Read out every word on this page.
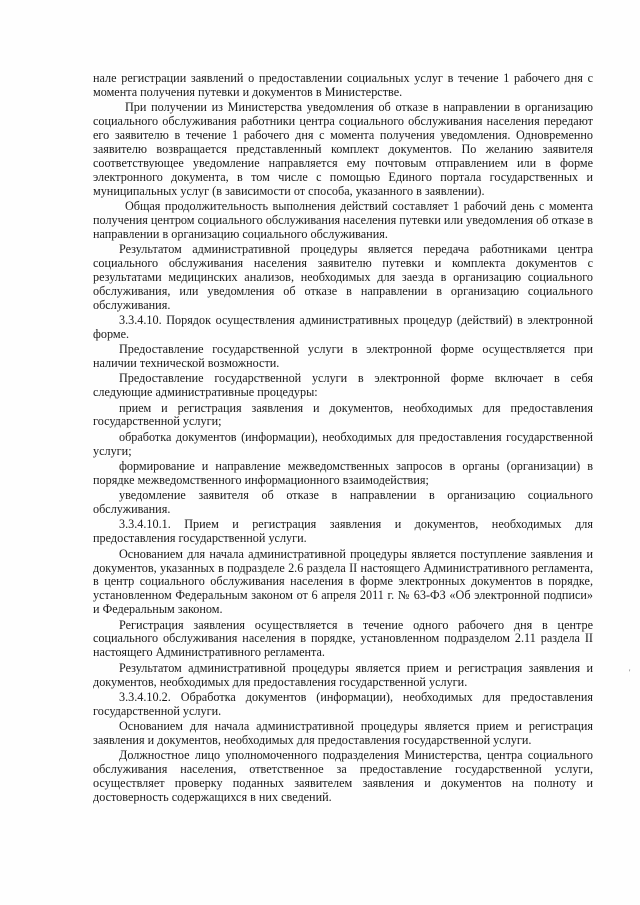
нале регистрации заявлений о предоставлении социальных услуг в течение 1 рабочего дня с момента получения путевки и документов в Министерстве.

При получении из Министерства уведомления об отказе в направлении в организацию социального обслуживания работники центра социального обслуживания населения передают его заявителю в течение 1 рабочего дня с момента получения уведомления. Одновременно заявителю возвращается представленный комплект документов. По желанию заявителя соответствующее уведомление направляется ему почтовым отправлением или в форме электронного документа, в том числе с помощью Единого портала государственных и муниципальных услуг (в зависимости от способа, указанного в заявлении).

Общая продолжительность выполнения действий составляет 1 рабочий день с момента получения центром социального обслуживания населения путевки или уведомления об отказе в направлении в организацию социального обслуживания.

Результатом административной процедуры является передача работниками центра социального обслуживания населения заявителю путевки и комплекта документов с результатами медицинских анализов, необходимых для заезда в организацию социального обслуживания, или уведомления об отказе в направлении в организацию социального обслуживания.

3.3.4.10. Порядок осуществления административных процедур (действий) в электронной форме.

Предоставление государственной услуги в электронной форме осуществляется при наличии технической возможности.

Предоставление государственной услуги в электронной форме включает в себя следующие административные процедуры:

прием и регистрация заявления и документов, необходимых для предоставления государственной услуги;

обработка документов (информации), необходимых для предоставления государственной услуги;

формирование и направление межведомственных запросов в органы (организации) в порядке межведомственного информационного взаимодействия;

уведомление заявителя об отказе в направлении в организацию социального обслуживания.

3.3.4.10.1. Прием и регистрация заявления и документов, необходимых для предоставления государственной услуги.

Основанием для начала административной процедуры является поступление заявления и документов, указанных в подразделе 2.6 раздела II настоящего Административного регламента, в центр социального обслуживания населения в форме электронных документов в порядке, установленном Федеральным законом от 6 апреля 2011 г. № 63-ФЗ «Об электронной подписи» и Федеральным законом.

Регистрация заявления осуществляется в течение одного рабочего дня в центре социального обслуживания населения в порядке, установленном подразделом 2.11 раздела II настоящего Административного регламента.

Результатом административной процедуры является прием и регистрация заявления и документов, необходимых для предоставления государственной услуги.

3.3.4.10.2. Обработка документов (информации), необходимых для предоставления государственной услуги.

Основанием для начала административной процедуры является прием и регистрация заявления и документов, необходимых для предоставления государственной услуги.

Должностное лицо уполномоченного подразделения Министерства, центра социального обслуживания населения, ответственное за предоставление государственной услуги, осуществляет проверку поданных заявителем заявления и документов на полноту и достоверность содержащихся в них сведений.

'
